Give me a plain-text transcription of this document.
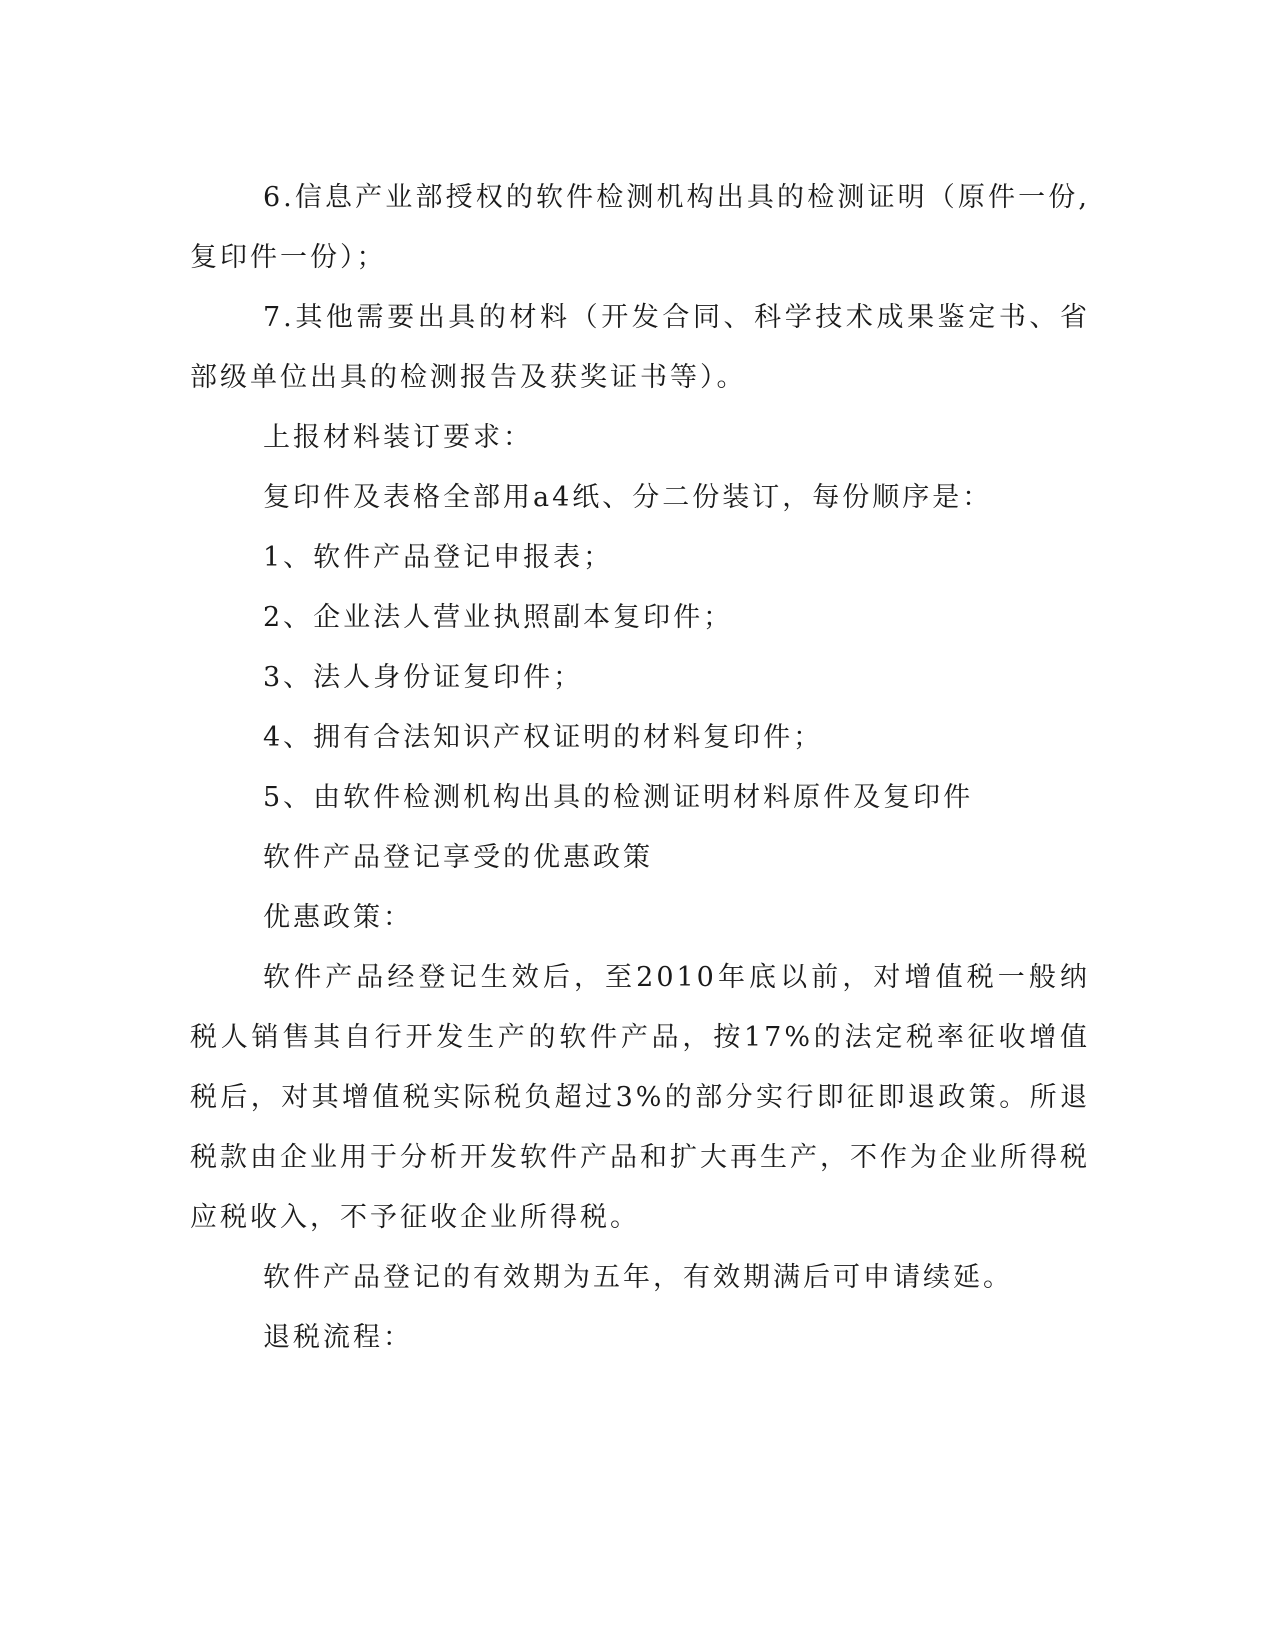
6.信息产业部授权的软件检测机构出具的检测证明（原件一份,复印件一份）；

7.其他需要出具的材料（开发合同、科学技术成果鉴定书、省部级单位出具的检测报告及获奖证书等）。

上报材料装订要求：

复印件及表格全部用a4纸、分二份装订，每份顺序是：

1、软件产品登记申报表；

2、企业法人营业执照副本复印件；

3、法人身份证复印件；

4、拥有合法知识产权证明的材料复印件；

5、由软件检测机构出具的检测证明材料原件及复印件

软件产品登记享受的优惠政策

优惠政策：

软件产品经登记生效后，至2010年底以前，对增值税一般纳税人销售其自行开发生产的软件产品，按17%的法定税率征收增值税后，对其增值税实际税负超过3%的部分实行即征即退政策。所退税款由企业用于分析开发软件产品和扩大再生产，不作为企业所得税应税收入，不予征收企业所得税。

软件产品登记的有效期为五年，有效期满后可申请续延。

退税流程：
